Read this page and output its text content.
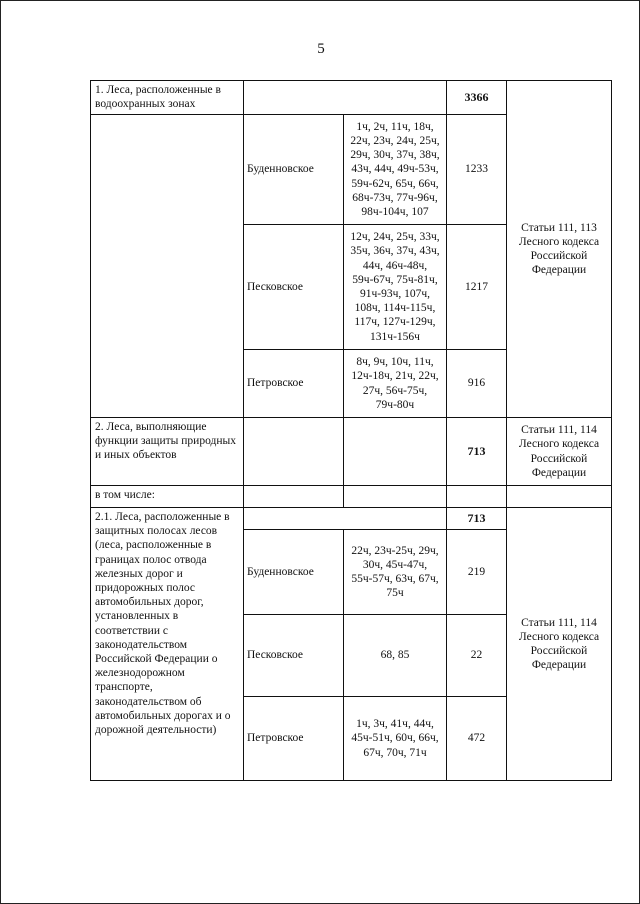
5
1. Леса, расположенные в водоохранных зонах			3366	Статьи 111, 113 Лесного кодекса Российской Федерации
	Буденновское	1ч, 2ч, 11ч, 18ч, 22ч, 23ч, 24ч, 25ч, 29ч, 30ч, 37ч, 38ч, 43ч, 44ч, 49ч-53ч, 59ч-62ч, 65ч, 66ч, 68ч-73ч, 77ч-96ч, 98ч-104ч, 107	1233	
	Песковское	12ч, 24ч, 25ч, 33ч, 35ч, 36ч, 37ч, 43ч, 44ч, 46ч-48ч, 59ч-67ч, 75ч-81ч, 91ч-93ч, 107ч, 108ч, 114ч-115ч, 117ч, 127ч-129ч, 131ч-156ч	1217	
	Петровское	8ч, 9ч, 10ч, 11ч, 12ч-18ч, 21ч, 22ч, 27ч, 56ч-75ч, 79ч-80ч	916	
2. Леса, выполняющие функции защиты природных и иных объектов			713	Статьи 111, 114 Лесного кодекса Российской Федерации
в том числе:				
2.1. Леса, расположенные в защитных полосах лесов (леса, расположенные в границах полос отвода железных дорог и придорожных полос автомобильных дорог, установленных в соответствии с законодательством Российской Федерации о железнодорожном транспорте, законодательством об автомобильных дорогах и о дорожной деятельности)			713	Статьи 111, 114 Лесного кодекса Российской Федерации
	Буденновское	22ч, 23ч-25ч, 29ч, 30ч, 45ч-47ч, 55ч-57ч, 63ч, 67ч, 75ч	219	
	Песковское	68, 85	22	
	Петровское	1ч, 3ч, 41ч, 44ч, 45ч-51ч, 60ч, 66ч, 67ч, 70ч, 71ч	472	
